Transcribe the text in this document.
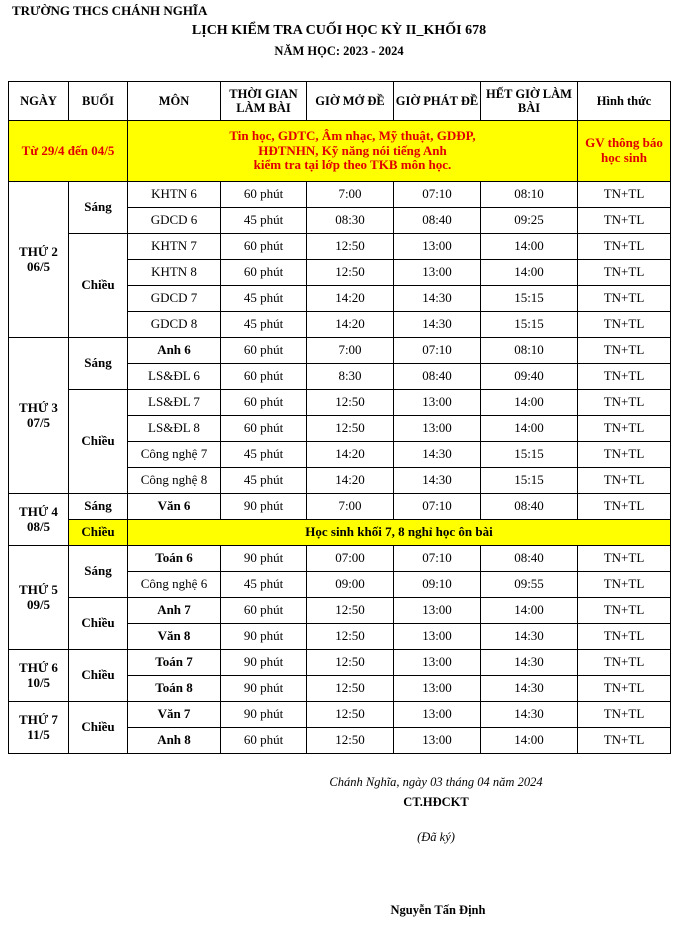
TRƯỜNG THCS CHÁNH NGHĨA
LỊCH KIỂM TRA CUỐI HỌC KỲ II_KHỐI 678
NĂM HỌC: 2023 - 2024
NGÀY	BUỔI	MÔN	THỜI GIAN LÀM BÀI	GIỜ MỞ ĐỀ	GIỜ PHÁT ĐỀ	HẾT GIỜ LÀM BÀI	Hình thức
Từ 29/4 đến 04/5		Tin học, GDTC, Âm nhạc, Mỹ thuật, GDĐP,
HĐTNHN, Kỹ năng nói tiếng Anh
kiểm tra tại lớp theo TKB môn học.					GV thông báo học sinh
THỨ 2
06/5	Sáng	KHTN 6	60 phút	7:00	07:10	08:10	TN+TL
		GDCD 6	45 phút	08:30	08:40	09:25	TN+TL
	Chiều	KHTN 7	60 phút	12:50	13:00	14:00	TN+TL
		KHTN 8	60 phút	12:50	13:00	14:00	TN+TL
		GDCD 7	45 phút	14:20	14:30	15:15	TN+TL
		GDCD 8	45 phút	14:20	14:30	15:15	TN+TL
THỨ 3
07/5	Sáng	Anh 6	60 phút	7:00	07:10	08:10	TN+TL
		LS&ĐL 6	60 phút	8:30	08:40	09:40	TN+TL
	Chiều	LS&ĐL 7	60 phút	12:50	13:00	14:00	TN+TL
		LS&ĐL 8	60 phút	12:50	13:00	14:00	TN+TL
		Công nghệ 7	45 phút	14:20	14:30	15:15	TN+TL
		Công nghệ 8	45 phút	14:20	14:30	15:15	TN+TL
THỨ 4
08/5	Sáng	Văn 6	90 phút	7:00	07:10	08:40	TN+TL
	Chiều	Học sinh khối 7, 8 nghỉ học ôn bài					
THỨ 5
09/5	Sáng	Toán 6	90 phút	07:00	07:10	08:40	TN+TL
		Công nghệ 6	45 phút	09:00	09:10	09:55	TN+TL
	Chiều	Anh 7	60 phút	12:50	13:00	14:00	TN+TL
		Văn 8	90 phút	12:50	13:00	14:30	TN+TL
THỨ 6
10/5	Chiều	Toán 7	90 phút	12:50	13:00	14:30	TN+TL
		Toán 8	90 phút	12:50	13:00	14:30	TN+TL
THỨ 7
11/5	Chiều	Văn 7	90 phút	12:50	13:00	14:30	TN+TL
		Anh 8	60 phút	12:50	13:00	14:00	TN+TL
Chánh Nghĩa, ngày 03 tháng 04 năm 2024
CT.HĐCKT
(Đã ký)
Nguyễn Tấn Định
